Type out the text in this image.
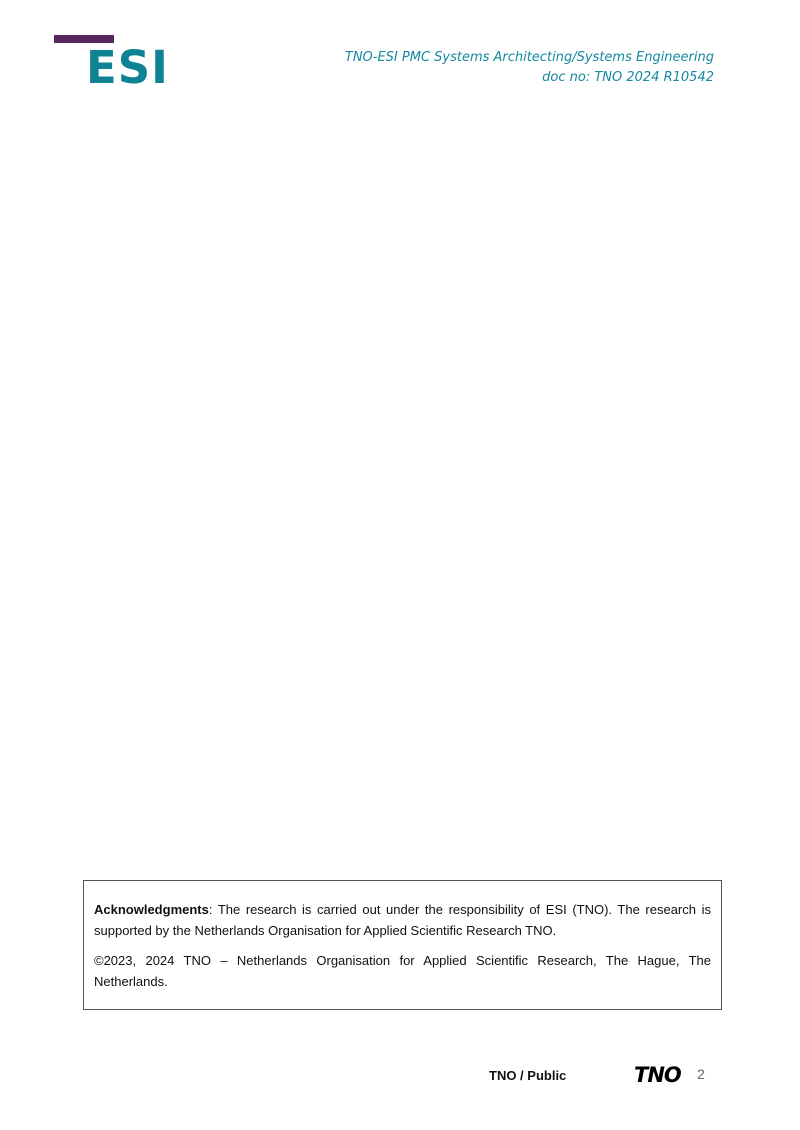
ESI	TNO-ESI PMC Systems Architecting/Systems Engineering
doc no: TNO 2024 R10542

Acknowledgments: The research is carried out under the responsibility of ESI (TNO). The research is supported by the Netherlands Organisation for Applied Scientific Research TNO.

©2023, 2024 TNO – Netherlands Organisation for Applied Scientific Research, The Hague, The Netherlands.

TNO / Public	TNO 2
